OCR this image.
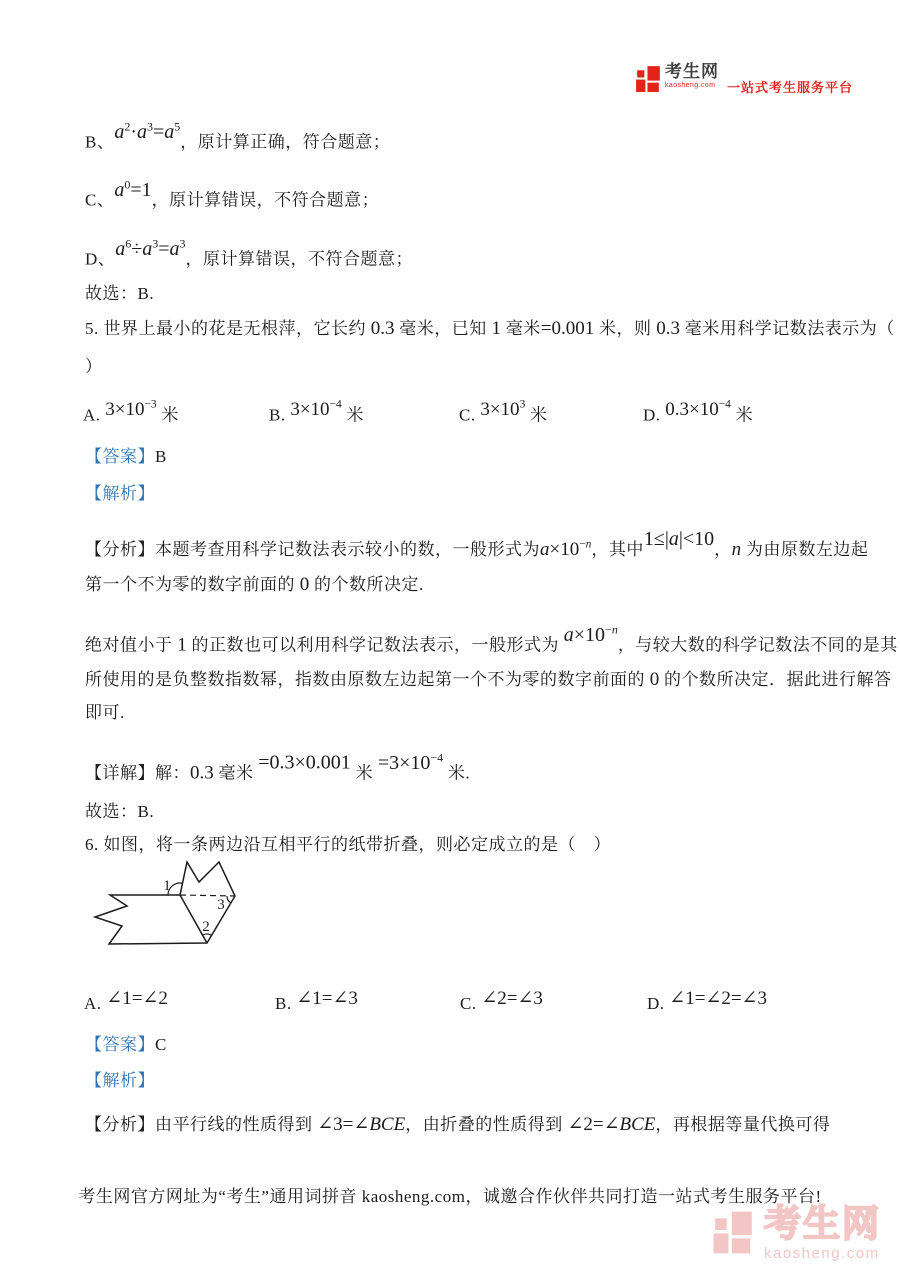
考生网
kaosheng.com 一站式考生服务平台
B、$a^2\cdot a^3=a^5$，原计算正确，符合题意；
C、$a^0=1$，原计算错误，不符合题意；
D、$a^6\div a^3=a^3$，原计算错误，不符合题意；
故选：B.
5. 世界上最小的花是无根萍，它长约 0.3 毫米，已知 1 毫米=0.001 米，则 0.3 毫米用科学记数法表示为（
）
A. $3\times 10^{-3}$ 米	B. $3\times 10^{-4}$ 米	C. $3\times 10^3$ 米	D. $0.3\times 10^{-4}$ 米
【答案】B
【解析】
【分析】本题考查用科学记数法表示较小的数，一般形式为$a\times 10^{-n}$，其中1≤|a|<10，n 为由原数左边起
第一个不为零的数字前面的 0 的个数所决定.
绝对值小于 1 的正数也可以利用科学记数法表示，一般形式为 $a\times 10^{-n}$，与较大数的科学记数法不同的是其
所使用的是负整数指数幂，指数由原数左边起第一个不为零的数字前面的 0 的个数所决定．据此进行解答
即可.
【详解】解：0.3 毫米 =0.3×0.001 米 $=3\times 10^{-4}$ 米.
故选：B.
6. 如图，将一条两边沿互相平行的纸带折叠，则必定成立的是（　）
A. ∠1=∠2	B. ∠1=∠3	C. ∠2=∠3	D. ∠1=∠2=∠3
【答案】C
【解析】
【分析】由平行线的性质得到 ∠3=∠BCE，由折叠的性质得到 ∠2=∠BCE，再根据等量代换可得
1
2
3
考生网官方网址为“考生”通用词拼音 kaosheng.com，诚邀合作伙伴共同打造一站式考生服务平台!
考生网
kaosheng.com
